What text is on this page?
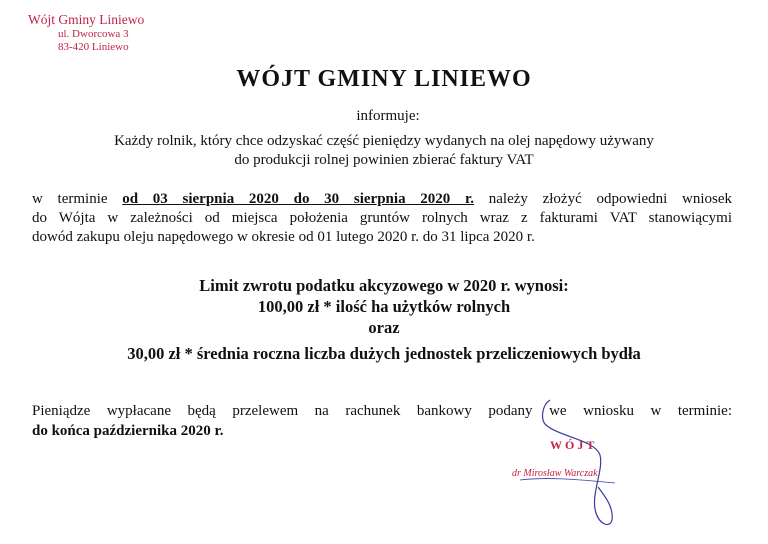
Wójt Gminy Liniewo
ul. Dworcowa 3
83-420 Liniewo
WÓJT GMINY LINIEWO
informuje:

Każdy rolnik, który chce odzyskać część pieniędzy wydanych na olej napędowy używany

do produkcji rolnej powinien zbierać faktury VAT

w terminie od 03 sierpnia 2020 do 30 sierpnia 2020 r. należy złożyć odpowiedni wniosek

do Wójta w zależności od miejsca położenia gruntów rolnych wraz z fakturami VAT stanowiącymi

dowód zakupu oleju napędowego w okresie od 01 lutego 2020 r. do 31 lipca 2020 r.

Limit zwrotu podatku akcyzowego w 2020 r. wynosi:

100,00 zł * ilość ha użytków rolnych

oraz

30,00 zł * średnia roczna liczba dużych jednostek przeliczeniowych bydła

Pieniądze wypłacane będą przelewem na rachunek bankowy podany we wniosku w terminie:

do końca października 2020 r.

WÓJT
dr Mirosław Warczak
